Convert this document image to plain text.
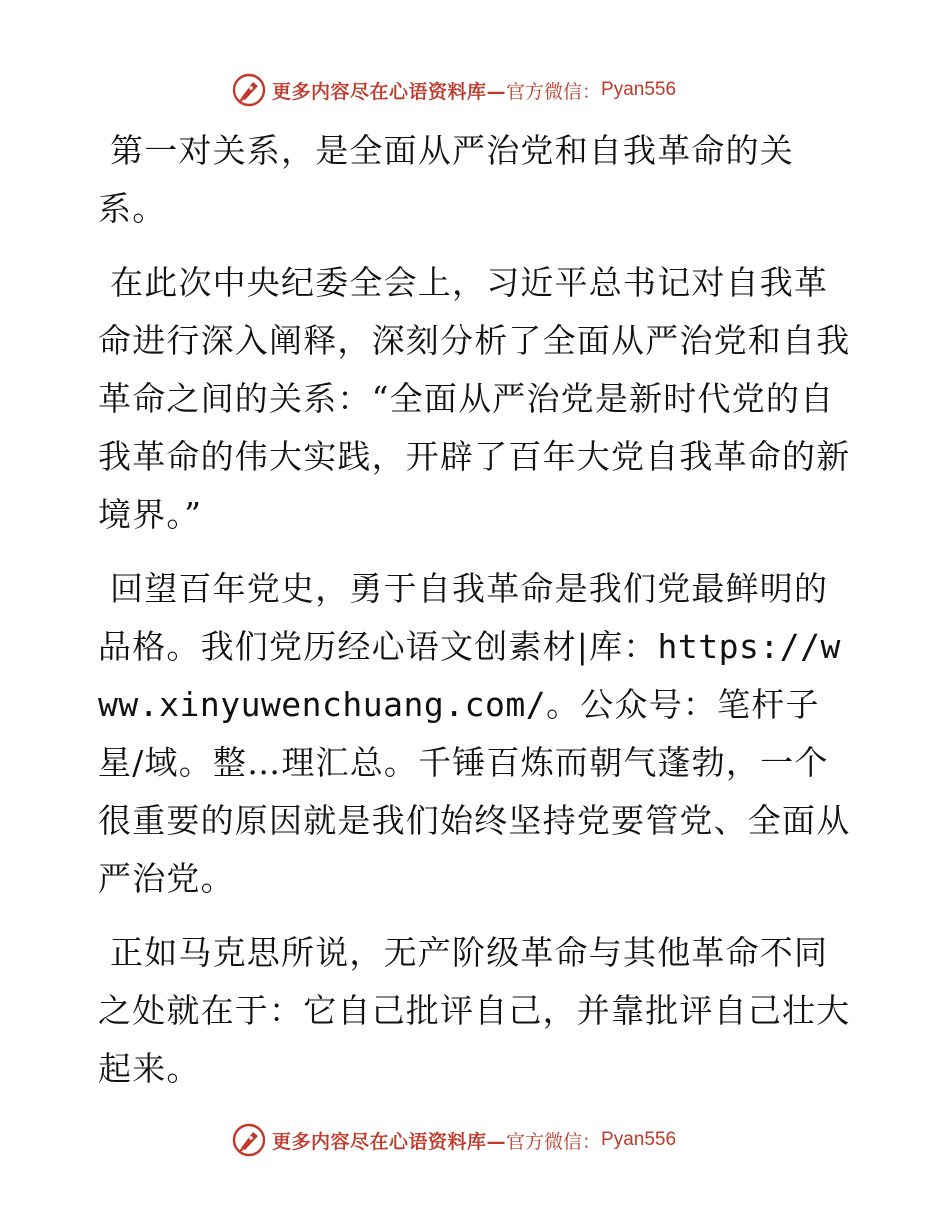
更多内容尽在心语资料库— 官方微信： Pyan556

第一对关系，是全面从严治党和自我革命的关系。

在此次中央纪委全会上，习近平总书记对自我革命进行深入阐释，深刻分析了全面从严治党和自我革命之间的关系：“全面从严治党是新时代党的自我革命的伟大实践，开辟了百年大党自我革命的新境界。”

回望百年党史，勇于自我革命是我们党最鲜明的品格。我们党历经心语文创素材|库：https://www.xinyuwenchuang.com/。公众号：笔杆子星/域。整…理汇总。千锤百炼而朝气蓬勃，一个很重要的原因就是我们始终坚持党要管党、全面从严治党。

正如马克思所说，无产阶级革命与其他革命不同之处就在于：它自己批评自己，并靠批评自己壮大起来。

更多内容尽在心语资料库— 官方微信： Pyan556
